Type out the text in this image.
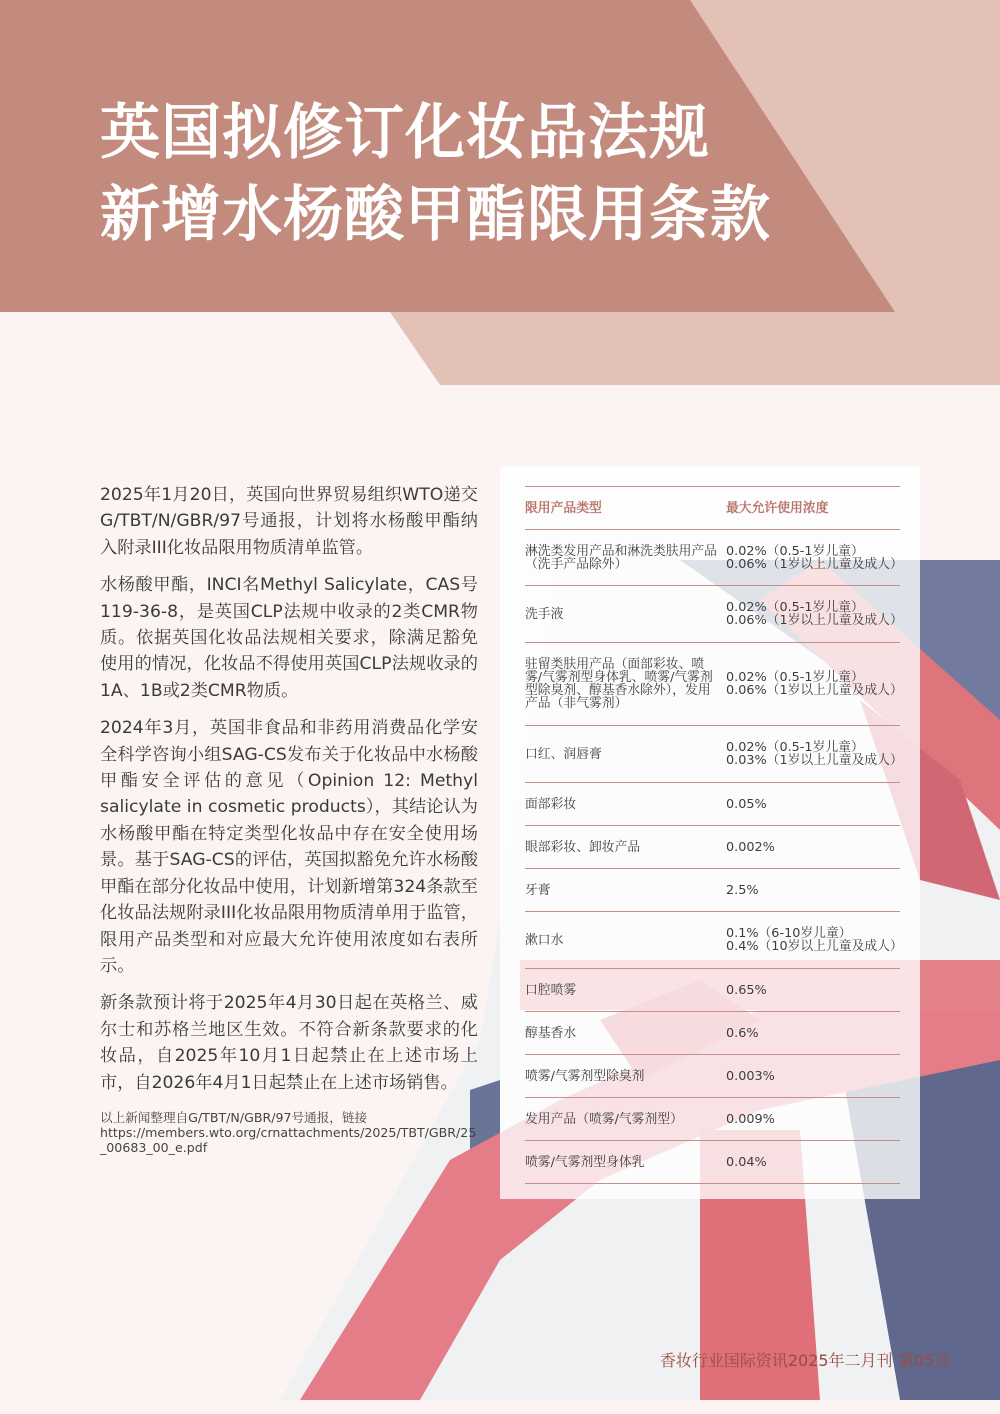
英国拟修订化妆品法规
新增水杨酸甲酯限用条款

2025年1月20日，英国向世界贸易组织WTO递交G/TBT/N/GBR/97号通报，计划将水杨酸甲酯纳入附录III化妆品限用物质清单监管。

水杨酸甲酯，INCI名Methyl Salicylate，CAS号119-36-8，是英国CLP法规中收录的2类CMR物质。依据英国化妆品法规相关要求，除满足豁免使用的情况，化妆品不得使用英国CLP法规收录的1A、1B或2类CMR物质。

2024年3月，英国非食品和非药用消费品化学安全科学咨询小组SAG-CS发布关于化妆品中水杨酸甲酯安全评估的意见（Opinion 12: Methyl salicylate in cosmetic products），其结论认为水杨酸甲酯在特定类型化妆品中存在安全使用场景。基于SAG-CS的评估，英国拟豁免允许水杨酸甲酯在部分化妆品中使用，计划新增第324条款至化妆品法规附录III化妆品限用物质清单用于监管，限用产品类型和对应最大允许使用浓度如右表所示。

新条款预计将于2025年4月30日起在英格兰、威尔士和苏格兰地区生效。不符合新条款要求的化妆品，自2025年10月1日起禁止在上述市场上市，自2026年4月1日起禁止在上述市场销售。

以上新闻整理自G/TBT/N/GBR/97号通报，链接
https://members.wto.org/crnattachments/2025/TBT/GBR/25_00683_00_e.pdf
限用产品类型	最大允许使用浓度
淋洗类发用产品和淋洗类肤用产品（洗手产品除外）	0.02%（0.5-1岁儿童）
0.06%（1岁以上儿童及成人）

洗手液	0.02%（0.5-1岁儿童）
0.06%（1岁以上儿童及成人）

驻留类肤用产品（面部彩妆、喷雾/气雾剂型身体乳、喷雾/气雾剂型除臭剂、醇基香水除外），发用产品（非气雾剂）	0.02%（0.5-1岁儿童）
0.06%（1岁以上儿童及成人）

口红、润唇膏	0.02%（0.5-1岁儿童）
0.03%（1岁以上儿童及成人）

面部彩妆	0.05%
眼部彩妆、卸妆产品	0.002%
牙膏	2.5%
漱口水	0.1%（6-10岁儿童）
0.4%（10岁以上儿童及成人）

口腔喷雾	0.65%
醇基香水	0.6%
喷雾/气雾剂型除臭剂	0.003%
发用产品（喷雾/气雾剂型）	0.009%
喷雾/气雾剂型身体乳	0.04%
香妆行业国际资讯2025年二月刊 第05页
